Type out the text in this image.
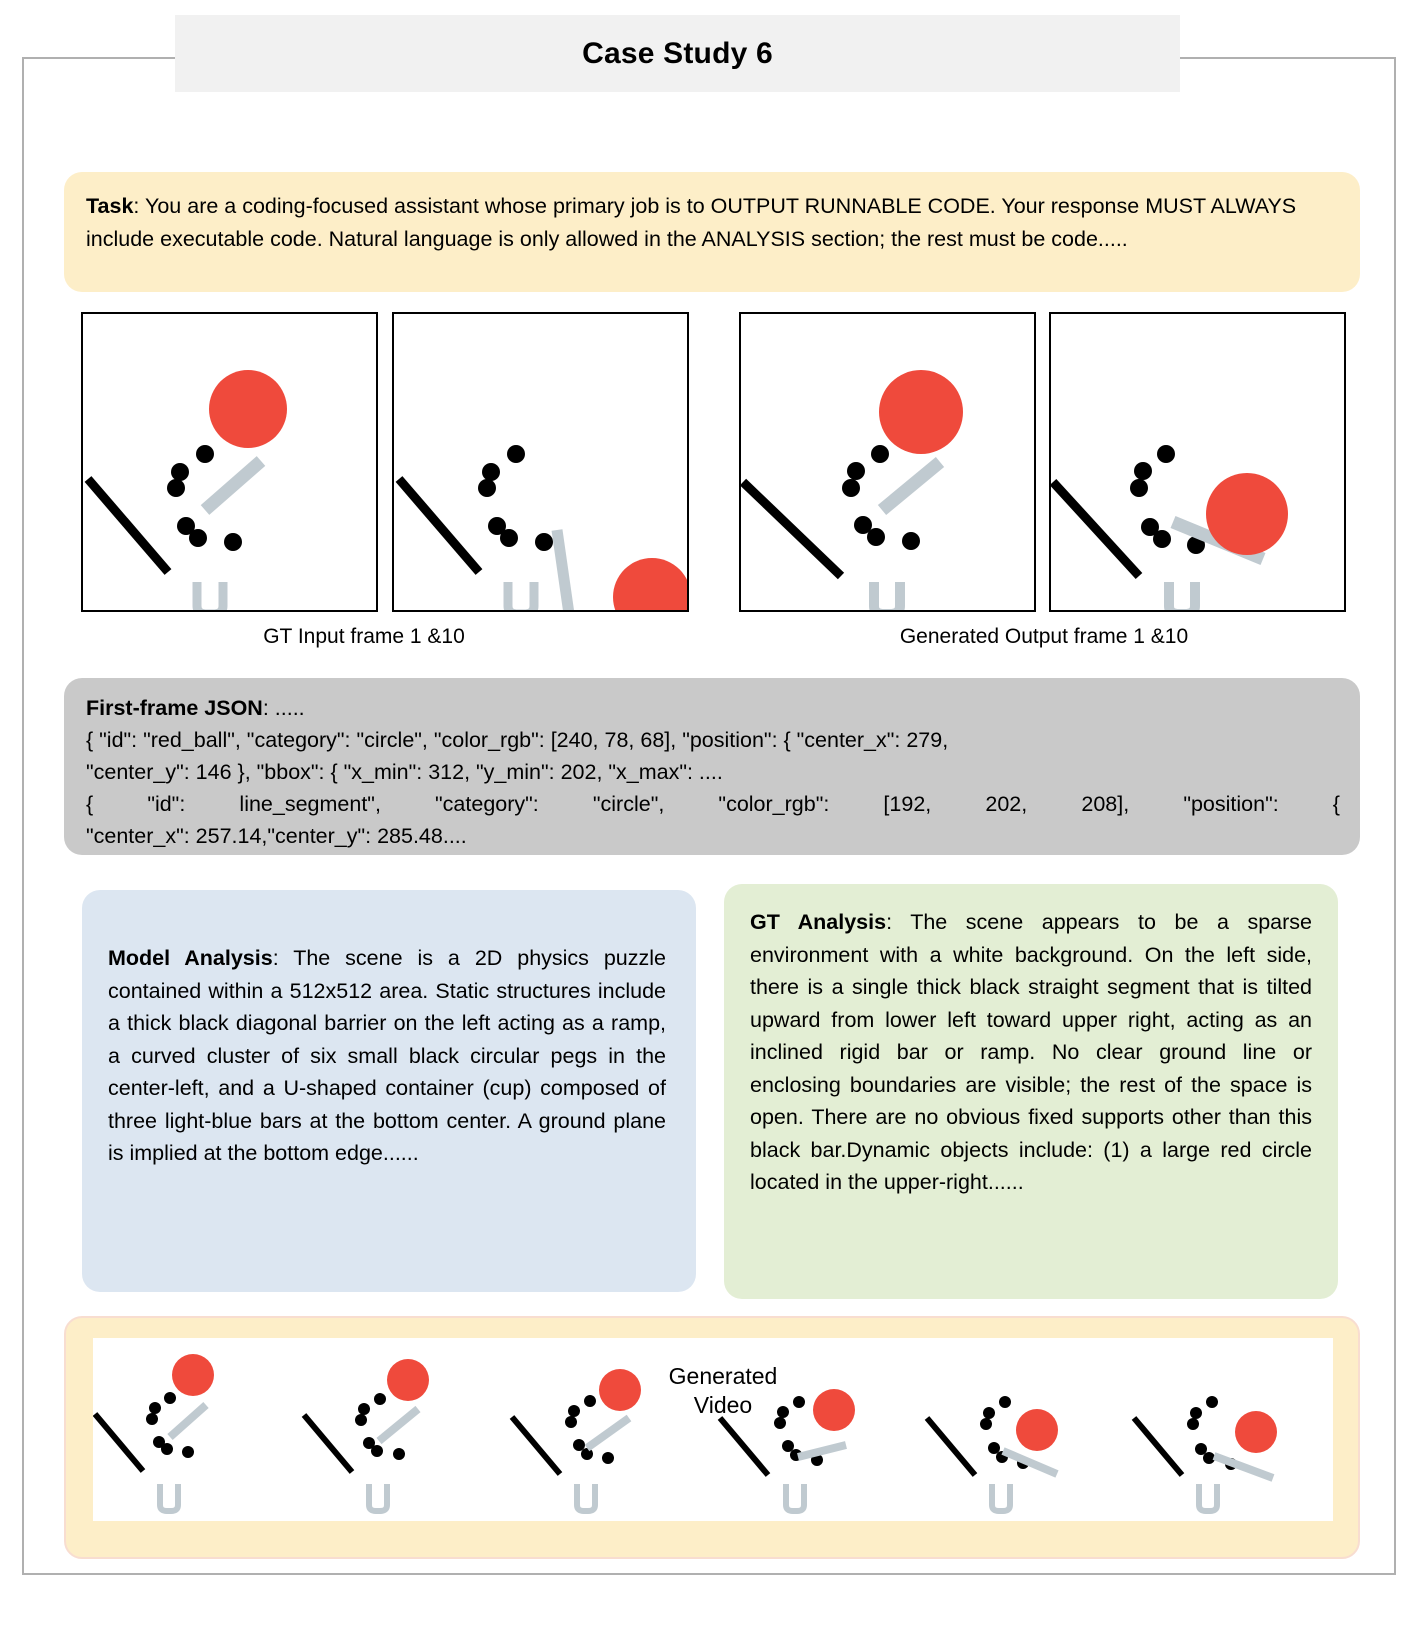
Case Study 6
Task: You are a coding-focused assistant whose primary job is to OUTPUT RUNNABLE CODE. Your response MUST ALWAYS include executable code. Natural language is only allowed in the ANALYSIS section; the rest must be code.....
GT Input frame 1 &10	Generated Output frame 1 &10
First-frame JSON: .....
{ "id": "red_ball", "category": "circle", "color_rgb": [240, 78, 68], "position": { "center_x": 279,
"center_y": 146 }, "bbox": { "x_min": 312, "y_min": 202, "x_max": ....
{ "id": line_segment", "category": "circle", "color_rgb": [192, 202, 208], "position": {
"center_x": 257.14,"center_y": 285.48....
Model Analysis: The scene is a 2D physics puzzle contained within a 512x512 area. Static structures include a thick black diagonal barrier on the left acting as a ramp, a curved cluster of six small black circular pegs in the center-left, and a U-shaped container (cup) composed of three light-blue bars at the bottom center. A ground plane is implied at the bottom edge......
GT Analysis: The scene appears to be a sparse environment with a white background. On the left side, there is a single thick black straight segment that is tilted upward from lower left toward upper right, acting as an inclined rigid bar or ramp. No clear ground line or enclosing boundaries are visible; the rest of the space is open. There are no obvious fixed supports other than this black bar.Dynamic objects include: (1) a large red circle located in the upper-right......
Generated
Video
